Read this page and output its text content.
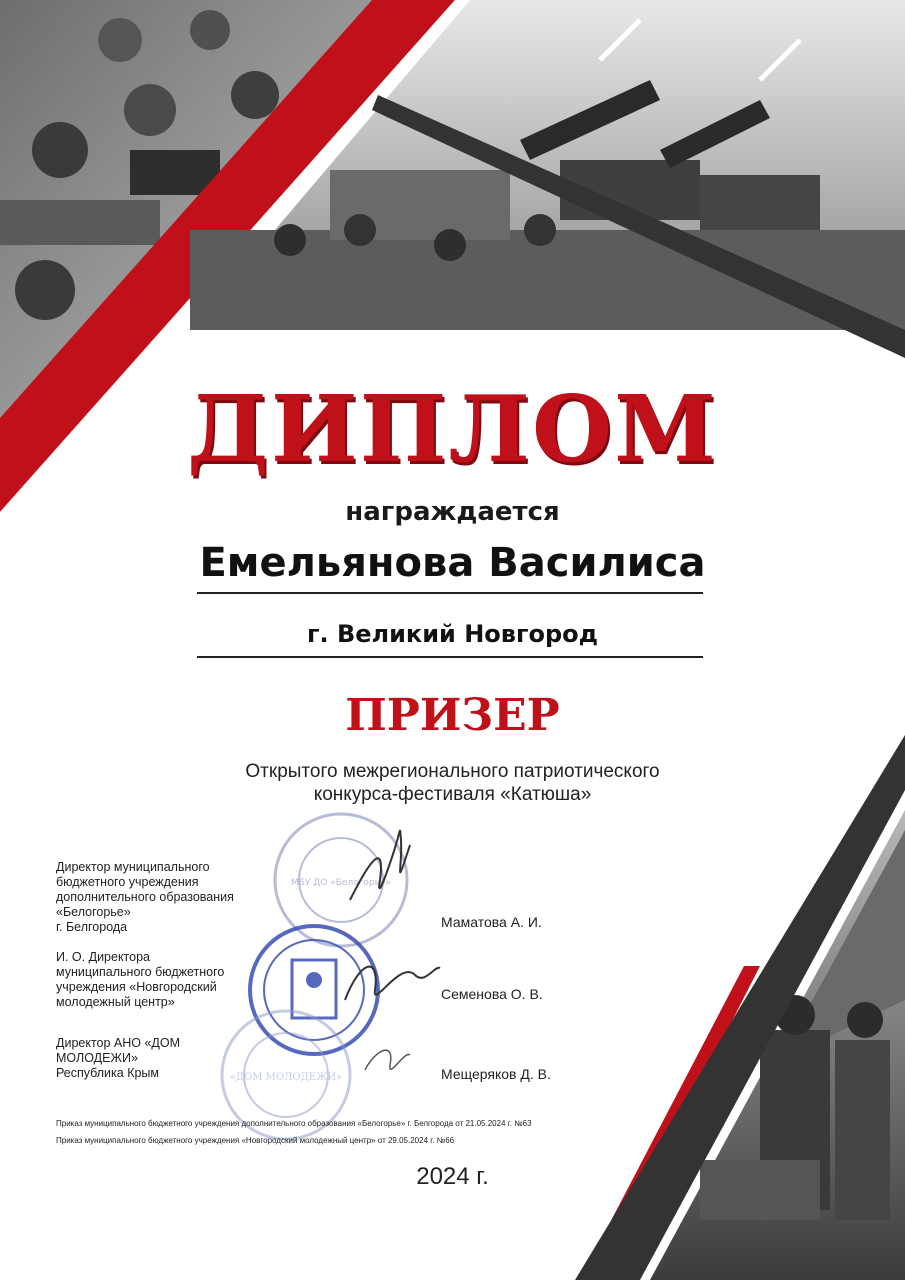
ДИПЛОМ
награждается
Емельянова Василиса
г. Великий Новгород
ПРИЗЕР
Открытого межрегионального патриотического
конкурса-фестиваля «Катюша»
МБУ ДО «Белогорье»
«ДОМ МОЛОДЕЖИ»
Директор муниципального
бюджетного учреждения
дополнительного образования
«Белогорье»
г. Белгорода	Маматова А. И.
И. О. Директора
муниципального бюджетного
учреждения «Новгородский
молодежный центр»	Семенова О. В.
Директор АНО «ДОМ
МОЛОДЕЖИ»
Республика Крым	Мещеряков Д. В.
Приказ муниципального бюджетного учреждения дополнительного образования «Белогорье» г. Белгорода от 21.05.2024 г. №63
Приказ муниципального бюджетного учреждения «Новгородский молодежный центр» от 29.05.2024 г. №66
2024 г.
